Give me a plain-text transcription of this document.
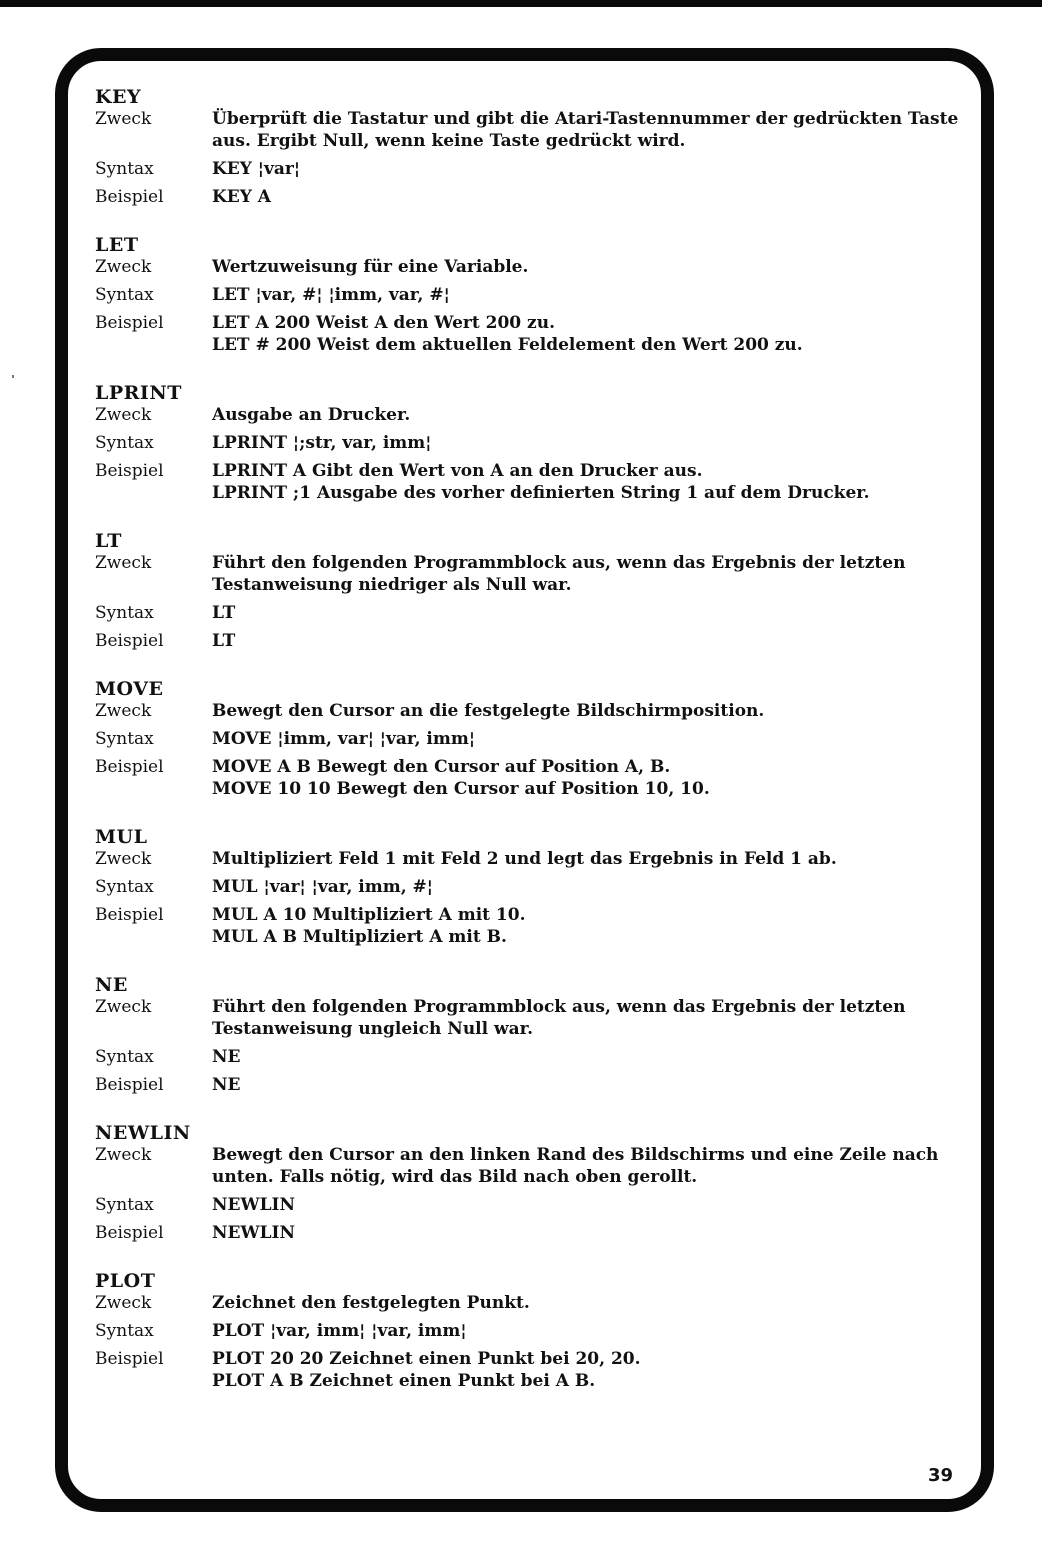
KEY
Zweck	Überprüft die Tastatur und gibt die Atari-Tastennummer der gedrückten Taste
aus. Ergibt Null, wenn keine Taste gedrückt wird.
Syntax	KEY ¦var¦
Beispiel	KEY A
LET
Zweck	Wertzuweisung für eine Variable.
Syntax	LET ¦var, #¦ ¦imm, var, #¦
Beispiel	LET A 200 Weist A den Wert 200 zu.
LET # 200 Weist dem aktuellen Feldelement den Wert 200 zu.
LPRINT
Zweck	Ausgabe an Drucker.
Syntax	LPRINT ¦;str, var, imm¦
Beispiel	LPRINT A Gibt den Wert von A an den Drucker aus.
LPRINT ;1 Ausgabe des vorher definierten String 1 auf dem Drucker.
LT
Zweck	Führt den folgenden Programmblock aus, wenn das Ergebnis der letzten
Testanweisung niedriger als Null war.
Syntax	LT
Beispiel	LT
MOVE
Zweck	Bewegt den Cursor an die festgelegte Bildschirmposition.
Syntax	MOVE ¦imm, var¦ ¦var, imm¦
Beispiel	MOVE A B Bewegt den Cursor auf Position A, B.
MOVE 10 10 Bewegt den Cursor auf Position 10, 10.
MUL
Zweck	Multipliziert Feld 1 mit Feld 2 und legt das Ergebnis in Feld 1 ab.
Syntax	MUL ¦var¦ ¦var, imm, #¦
Beispiel	MUL A 10 Multipliziert A mit 10.
MUL A B Multipliziert A mit B.
NE
Zweck	Führt den folgenden Programmblock aus, wenn das Ergebnis der letzten
Testanweisung ungleich Null war.
Syntax	NE
Beispiel	NE
NEWLIN
Zweck	Bewegt den Cursor an den linken Rand des Bildschirms und eine Zeile nach
unten. Falls nötig, wird das Bild nach oben gerollt.
Syntax	NEWLIN
Beispiel	NEWLIN
PLOT
Zweck	Zeichnet den festgelegten Punkt.
Syntax	PLOT ¦var, imm¦ ¦var, imm¦
Beispiel	PLOT 20 20 Zeichnet einen Punkt bei 20, 20.
PLOT A B Zeichnet einen Punkt bei A B.
39
